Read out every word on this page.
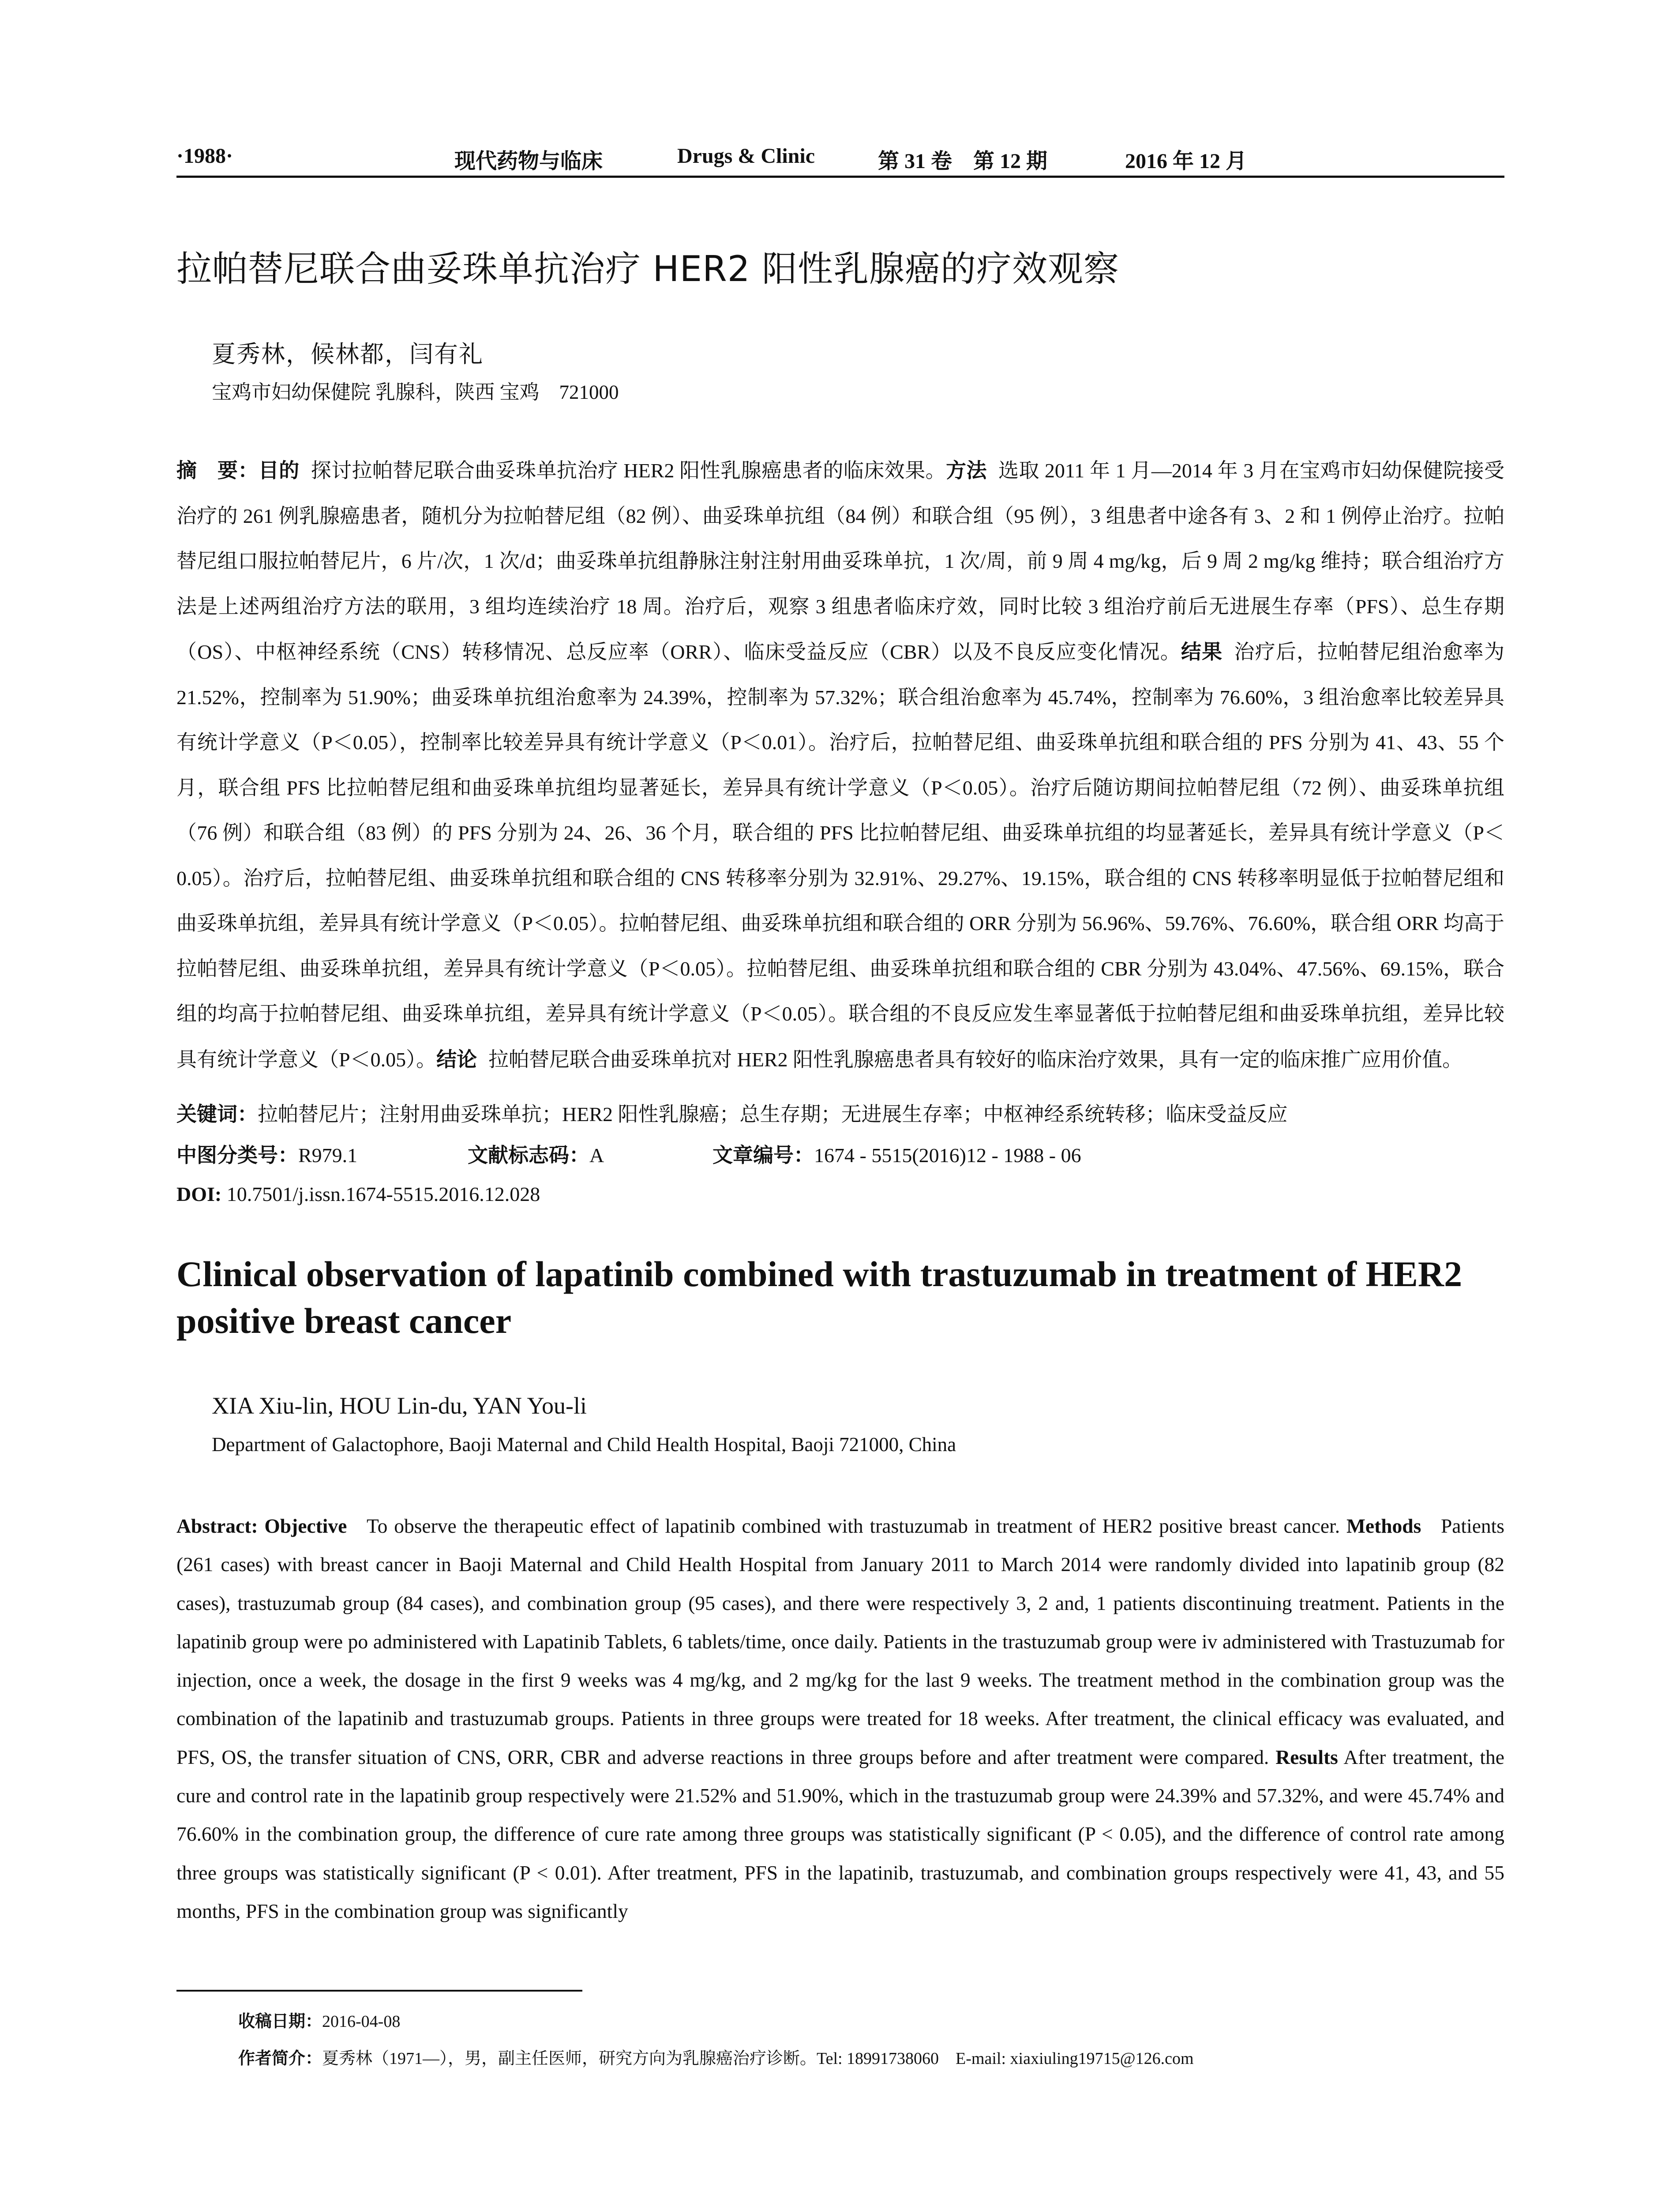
·1988·	现代药物与临床	Drugs & Clinic	第 31 卷　第 12 期	2016 年 12 月
拉帕替尼联合曲妥珠单抗治疗 HER2 阳性乳腺癌的疗效观察
夏秀林，候林都，闫有礼
宝鸡市妇幼保健院 乳腺科，陕西 宝鸡　721000
摘　要：目的 探讨拉帕替尼联合曲妥珠单抗治疗 HER2 阳性乳腺癌患者的临床效果。方法 选取 2011 年 1 月—2014 年 3 月在宝鸡市妇幼保健院接受治疗的 261 例乳腺癌患者，随机分为拉帕替尼组（82 例）、曲妥珠单抗组（84 例）和联合组（95 例），3 组患者中途各有 3、2 和 1 例停止治疗。拉帕替尼组口服拉帕替尼片，6 片/次，1 次/d；曲妥珠单抗组静脉注射注射用曲妥珠单抗，1 次/周，前 9 周 4 mg/kg，后 9 周 2 mg/kg 维持；联合组治疗方法是上述两组治疗方法的联用，3 组均连续治疗 18 周。治疗后，观察 3 组患者临床疗效，同时比较 3 组治疗前后无进展生存率（PFS）、总生存期（OS）、中枢神经系统（CNS）转移情况、总反应率（ORR）、临床受益反应（CBR）以及不良反应变化情况。结果 治疗后，拉帕替尼组治愈率为 21.52%，控制率为 51.90%；曲妥珠单抗组治愈率为 24.39%，控制率为 57.32%；联合组治愈率为 45.74%，控制率为 76.60%，3 组治愈率比较差异具有统计学意义（P＜0.05），控制率比较差异具有统计学意义（P＜0.01）。治疗后，拉帕替尼组、曲妥珠单抗组和联合组的 PFS 分别为 41、43、55 个月，联合组 PFS 比拉帕替尼组和曲妥珠单抗组均显著延长，差异具有统计学意义（P＜0.05）。治疗后随访期间拉帕替尼组（72 例）、曲妥珠单抗组（76 例）和联合组（83 例）的 PFS 分别为 24、26、36 个月，联合组的 PFS 比拉帕替尼组、曲妥珠单抗组的均显著延长，差异具有统计学意义（P＜0.05）。治疗后，拉帕替尼组、曲妥珠单抗组和联合组的 CNS 转移率分别为 32.91%、29.27%、19.15%，联合组的 CNS 转移率明显低于拉帕替尼组和曲妥珠单抗组，差异具有统计学意义（P＜0.05）。拉帕替尼组、曲妥珠单抗组和联合组的 ORR 分别为 56.96%、59.76%、76.60%，联合组 ORR 均高于拉帕替尼组、曲妥珠单抗组，差异具有统计学意义（P＜0.05）。拉帕替尼组、曲妥珠单抗组和联合组的 CBR 分别为 43.04%、47.56%、69.15%，联合组的均高于拉帕替尼组、曲妥珠单抗组，差异具有统计学意义（P＜0.05）。联合组的不良反应发生率显著低于拉帕替尼组和曲妥珠单抗组，差异比较具有统计学意义（P＜0.05）。结论 拉帕替尼联合曲妥珠单抗对 HER2 阳性乳腺癌患者具有较好的临床治疗效果，具有一定的临床推广应用价值。
关键词：拉帕替尼片；注射用曲妥珠单抗；HER2 阳性乳腺癌；总生存期；无进展生存率；中枢神经系统转移；临床受益反应
中图分类号：R979.1	文献标志码：A	文章编号：1674 - 5515(2016)12 - 1988 - 06
DOI: 10.7501/j.issn.1674-5515.2016.12.028
Clinical observation of lapatinib combined with trastuzumab in treatment of HER2 positive breast cancer
XIA Xiu-lin, HOU Lin-du, YAN You-li
Department of Galactophore, Baoji Maternal and Child Health Hospital, Baoji 721000, China
Abstract: Objective To observe the therapeutic effect of lapatinib combined with trastuzumab in treatment of HER2 positive breast cancer. Methods Patients (261 cases) with breast cancer in Baoji Maternal and Child Health Hospital from January 2011 to March 2014 were randomly divided into lapatinib group (82 cases), trastuzumab group (84 cases), and combination group (95 cases), and there were respectively 3, 2 and, 1 patients discontinuing treatment. Patients in the lapatinib group were po administered with Lapatinib Tablets, 6 tablets/time, once daily. Patients in the trastuzumab group were iv administered with Trastuzumab for injection, once a week, the dosage in the first 9 weeks was 4 mg/kg, and 2 mg/kg for the last 9 weeks. The treatment method in the combination group was the combination of the lapatinib and trastuzumab groups. Patients in three groups were treated for 18 weeks. After treatment, the clinical efficacy was evaluated, and PFS, OS, the transfer situation of CNS, ORR, CBR and adverse reactions in three groups before and after treatment were compared. Results After treatment, the cure and control rate in the lapatinib group respectively were 21.52% and 51.90%, which in the trastuzumab group were 24.39% and 57.32%, and were 45.74% and 76.60% in the combination group, the difference of cure rate among three groups was statistically significant (P < 0.05), and the difference of control rate among three groups was statistically significant (P < 0.01). After treatment, PFS in the lapatinib, trastuzumab, and combination groups respectively were 41, 43, and 55 months, PFS in the combination group was significantly
收稿日期：2016-04-08
作者简介：夏秀林（1971—），男，副主任医师，研究方向为乳腺癌治疗诊断。Tel: 18991738060　E-mail: xiaxiuling19715@126.com
